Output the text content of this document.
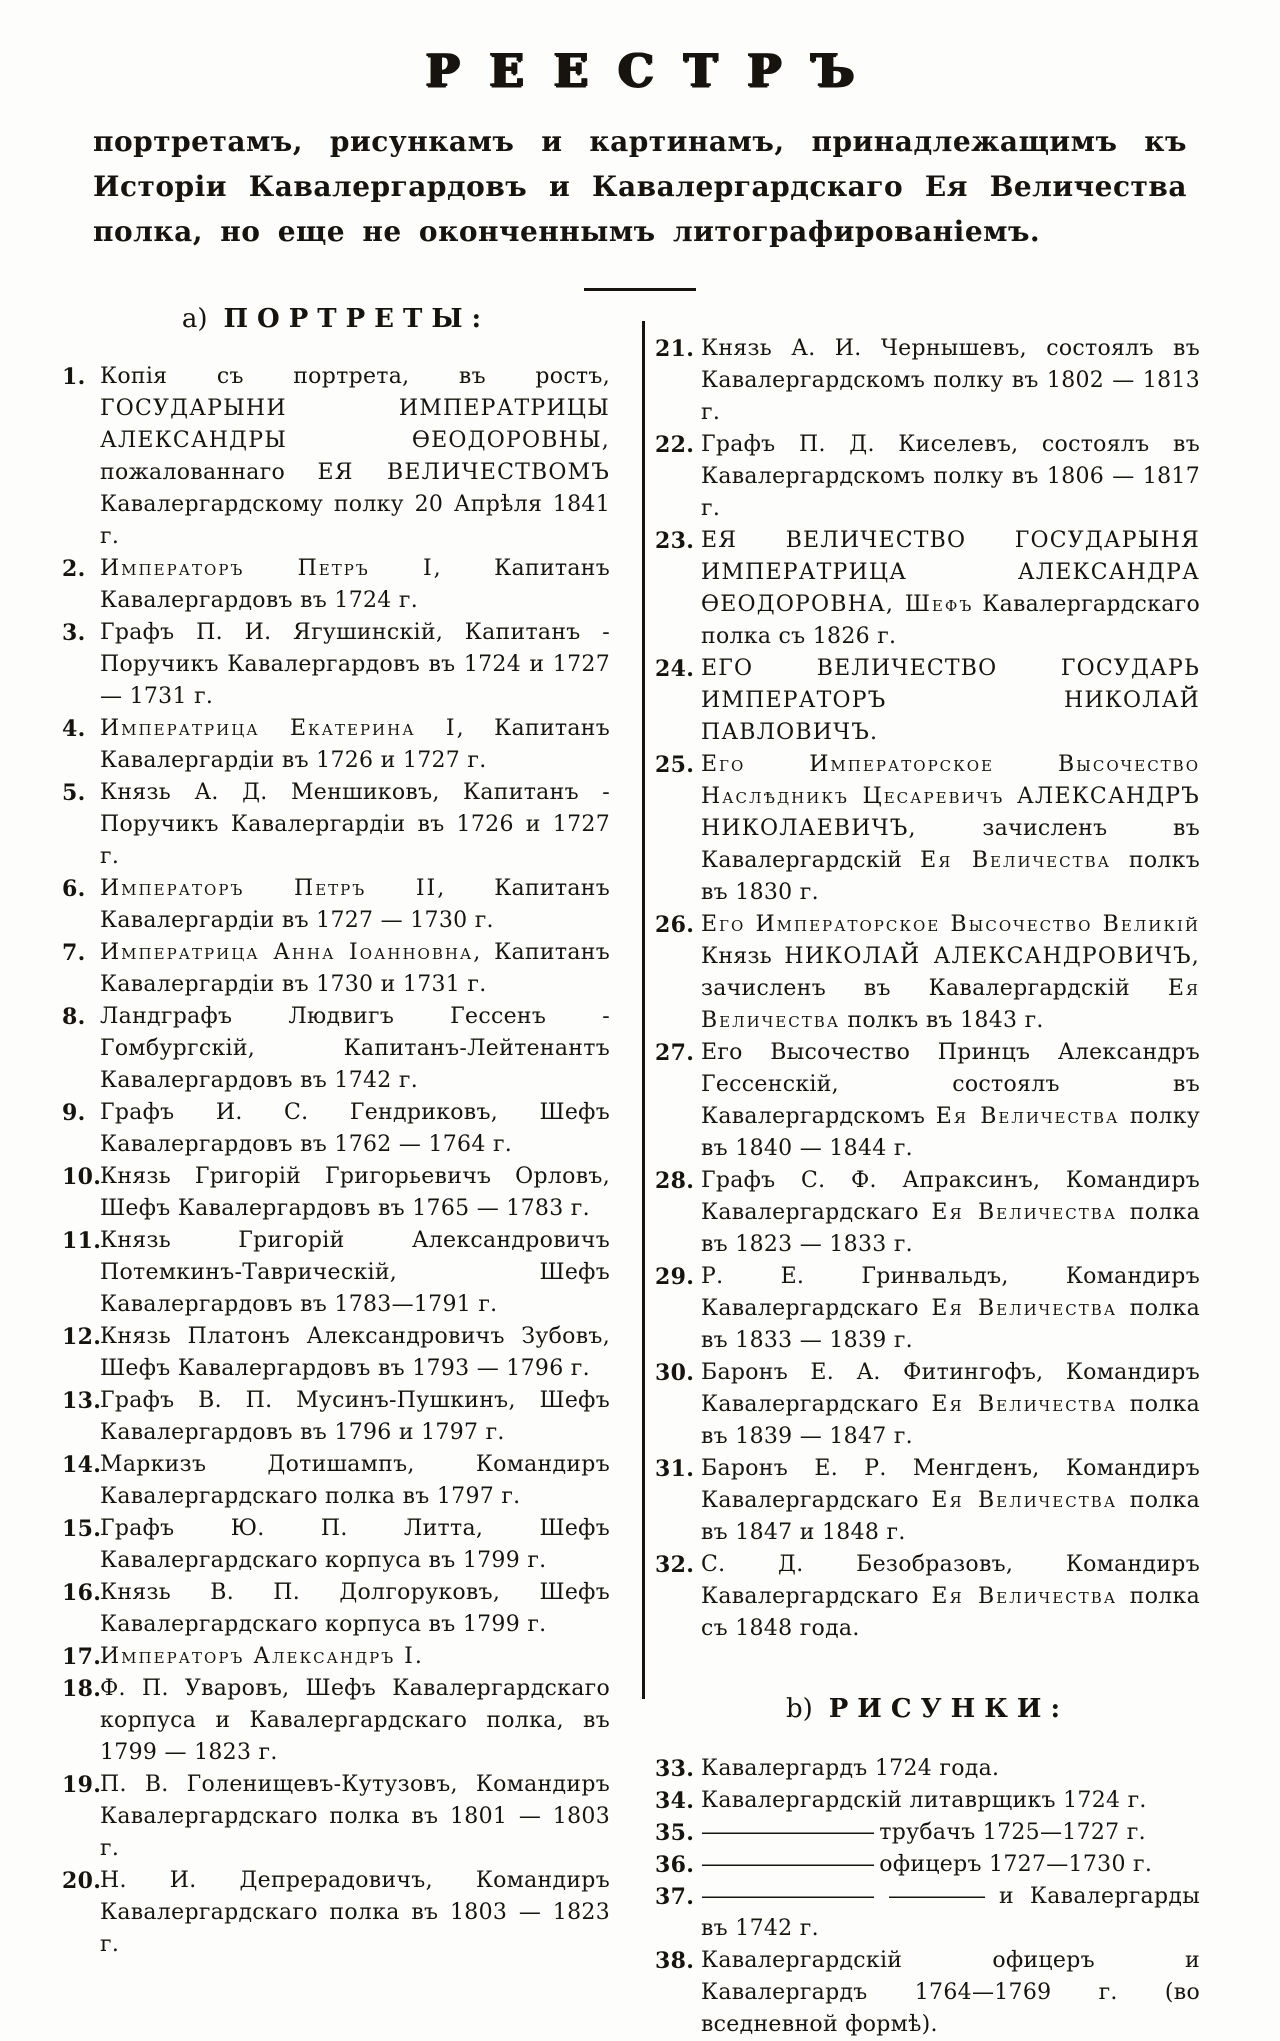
РЕЕСТРЪ

портретамъ, рисункамъ и картинамъ, принадлежащимъ къ Исторіи Кавалергардовъ и Кавалергардскаго Ея Величества полка, но еще не оконченнымъ литографированіемъ.

а) ПОРТРЕТЫ:
1. Копія съ портрета, въ ростъ, ГОСУДАРЫНИ ИМПЕРАТРИЦЫ АЛЕКСАНДРЫ ѲЕОДОРОВНЫ, пожалованнаго ЕЯ ВЕЛИЧЕСТВОМЪ Кавалергардскому полку 20 Апрѣля 1841 г.
2. Императоръ Петръ I, Капитанъ Кавалергардовъ въ 1724 г.
3. Графъ П. И. Ягушинскій, Капитанъ - Поручикъ Кавалергардовъ въ 1724 и 1727 — 1731 г.
4. Императрица Екатерина I, Капитанъ Кавалергардіи въ 1726 и 1727 г.
5. Князь А. Д. Меншиковъ, Капитанъ - Поручикъ Кавалергардіи въ 1726 и 1727 г.
6. Императоръ Петръ II, Капитанъ Кавалергардіи въ 1727 — 1730 г.
7. Императрица Анна Іоанновна, Капитанъ Кавалергардіи въ 1730 и 1731 г.
8. Ландграфъ Людвигъ Гессенъ - Гомбургскій, Капитанъ-Лейтенантъ Кавалергардовъ въ 1742 г.
9. Графъ И. С. Гендриковъ, Шефъ Кавалергардовъ въ 1762 — 1764 г.
10.
Князь Григорій Григорьевичъ Орловъ, Шефъ Кавалергардовъ въ 1765 — 1783 г.
11.
Князь Григорій Александровичъ Потемкинъ-Таврическій, Шефъ Кавалергардовъ въ 1783—1791 г.
12.
Князь Платонъ Александровичъ Зубовъ, Шефъ Кавалергардовъ въ 1793 — 1796 г.
13.
Графъ В. П. Мусинъ-Пушкинъ, Шефъ Кавалергардовъ въ 1796 и 1797 г.
14.
Маркизъ Дотишампъ, Командиръ Кавалергардскаго полка въ 1797 г.
15.
Графъ Ю. П. Литта, Шефъ Кавалергардскаго корпуса въ 1799 г.
16.
Князь В. П. Долгоруковъ, Шефъ Кавалергардскаго корпуса въ 1799 г.
17.
Императоръ Александръ I.
18.
Ф. П. Уваровъ, Шефъ Кавалергардскаго корпуса и Кавалергардскаго полка, въ 1799 — 1823 г.
19.
П. В. Голенищевъ-Кутузовъ, Командиръ Кавалергардскаго полка въ 1801 — 1803 г.
20.
Н. И. Депрерадовичъ, Командиръ Кавалергардскаго полка въ 1803 — 1823 г.
21. Князь А. И. Чернышевъ, состоялъ въ Кавалергардскомъ полку въ 1802 — 1813 г.
22. Графъ П. Д. Киселевъ, состоялъ въ Кавалергардскомъ полку въ 1806 — 1817 г.
23. ЕЯ ВЕЛИЧЕСТВО ГОСУДАРЫНЯ ИМПЕРАТРИЦА АЛЕКСАНДРА ѲЕОДОРОВНА, Шефъ Кавалергардскаго полка съ 1826 г.
24. ЕГО ВЕЛИЧЕСТВО ГОСУДАРЬ ИМПЕРАТОРЪ НИКОЛАЙ ПАВЛОВИЧЪ.
25. Его Императорское Высочество Наслѣдникъ Цесаревичъ АЛЕКСАНДРЪ НИКОЛАЕВИЧЪ, зачисленъ въ Кавалергардскій Ея Величества полкъ въ 1830 г.
26. Его Императорское Высочество Великій Князь НИКОЛАЙ АЛЕКСАНДРОВИЧЪ, зачисленъ въ Кавалергардскій Ея Величества полкъ въ 1843 г.
27. Его Высочество Принцъ Александръ Гессенскій, состоялъ въ Кавалергардскомъ Ея Величества полку въ 1840 — 1844 г.
28. Графъ С. Ф. Апраксинъ, Командиръ Кавалергардскаго Ея Величества полка въ 1823 — 1833 г.
29. Р. Е. Гринвальдъ, Командиръ Кавалергардскаго Ея Величества полка въ 1833 — 1839 г.
30. Баронъ Е. А. Фитингофъ, Командиръ Кавалергардскаго Ея Величества полка въ 1839 — 1847 г.
31. Баронъ Е. Р. Менгденъ, Командиръ Кавалергардскаго Ея Величества полка въ 1847 и 1848 г.
32. С. Д. Безобразовъ, Командиръ Кавалергардскаго Ея Величества полка съ 1848 года.
b) РИСУНКИ:
33. Кавалергардъ 1724 года.
34. Кавалергардскій литаврщикъ 1724 г.
35. ————————— трубачъ 1725—1727 г.
36. ————————— офицеръ 1727—1730 г.
37. ————————— ————— и Кавалергарды въ 1742 г.
38. Кавалергардскій офицеръ и Кавалергардъ 1764—1769 г. (во вседневной формѣ).
